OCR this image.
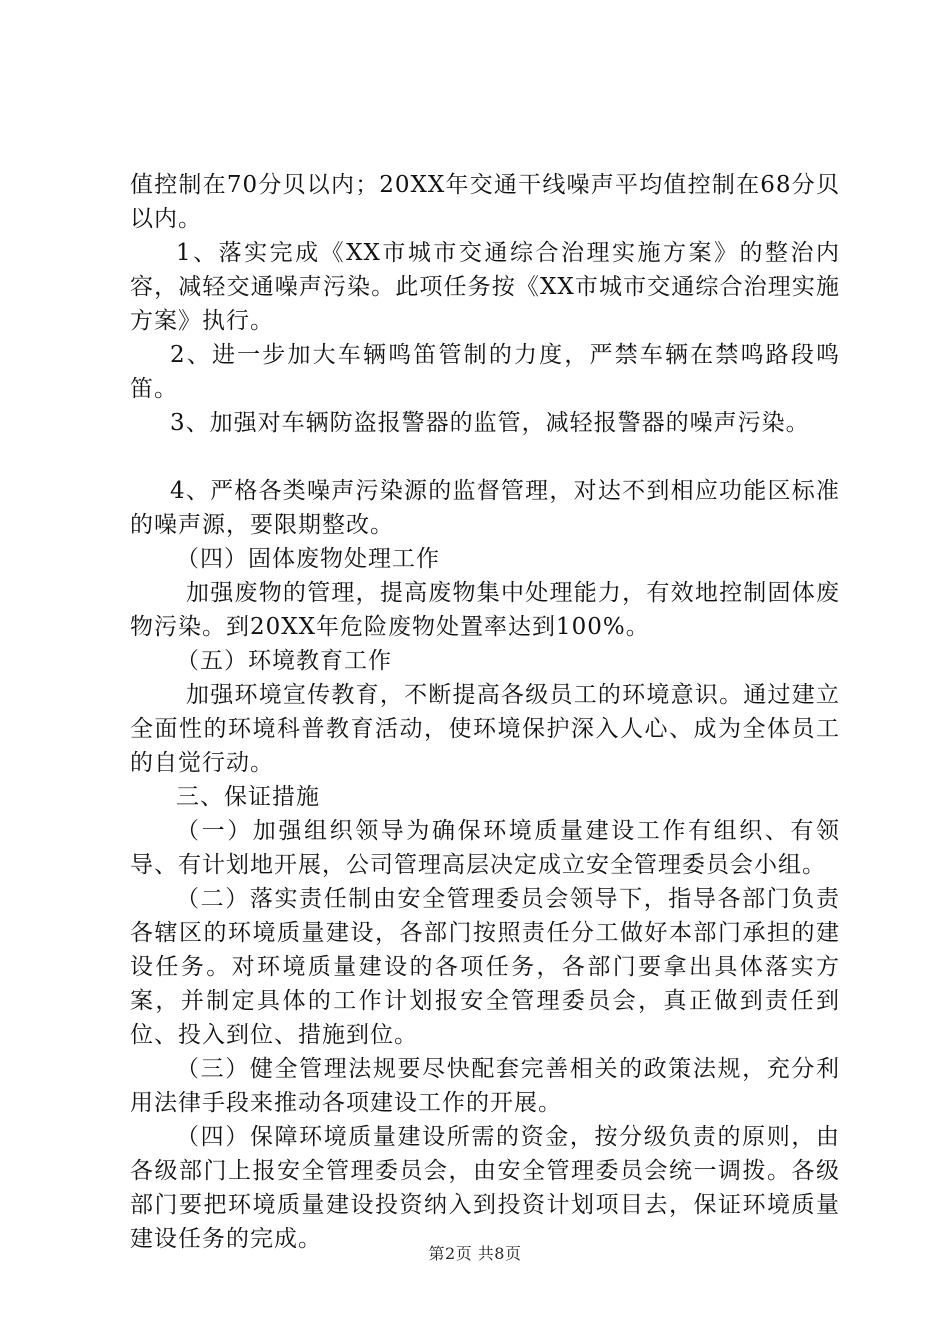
值控制在70分贝以内；20XX年交通干线噪声平均值控制在68分贝以内。

1、落实完成《XX市城市交通综合治理实施方案》的整治内容，减轻交通噪声污染。此项任务按《XX市城市交通综合治理实施方案》执行。

2、进一步加大车辆鸣笛管制的力度，严禁车辆在禁鸣路段鸣笛。

3、加强对车辆防盗报警器的监管，减轻报警器的噪声污染。

4、严格各类噪声污染源的监督管理，对达不到相应功能区标准的噪声源，要限期整改。

（四）固体废物处理工作

加强废物的管理，提高废物集中处理能力，有效地控制固体废物污染。到20XX年危险废物处置率达到100%。

（五）环境教育工作

加强环境宣传教育，不断提高各级员工的环境意识。通过建立全面性的环境科普教育活动，使环境保护深入人心、成为全体员工的自觉行动。

三、保证措施

（一）加强组织领导为确保环境质量建设工作有组织、有领导、有计划地开展，公司管理高层决定成立安全管理委员会小组。

（二）落实责任制由安全管理委员会领导下，指导各部门负责各辖区的环境质量建设，各部门按照责任分工做好本部门承担的建设任务。对环境质量建设的各项任务，各部门要拿出具体落实方案，并制定具体的工作计划报安全管理委员会，真正做到责任到位、投入到位、措施到位。

（三）健全管理法规要尽快配套完善相关的政策法规，充分利用法律手段来推动各项建设工作的开展。

（四）保障环境质量建设所需的资金，按分级负责的原则，由各级部门上报安全管理委员会，由安全管理委员会统一调拨。各级部门要把环境质量建设投资纳入到投资计划项目去，保证环境质量建设任务的完成。

第2页 共8页
